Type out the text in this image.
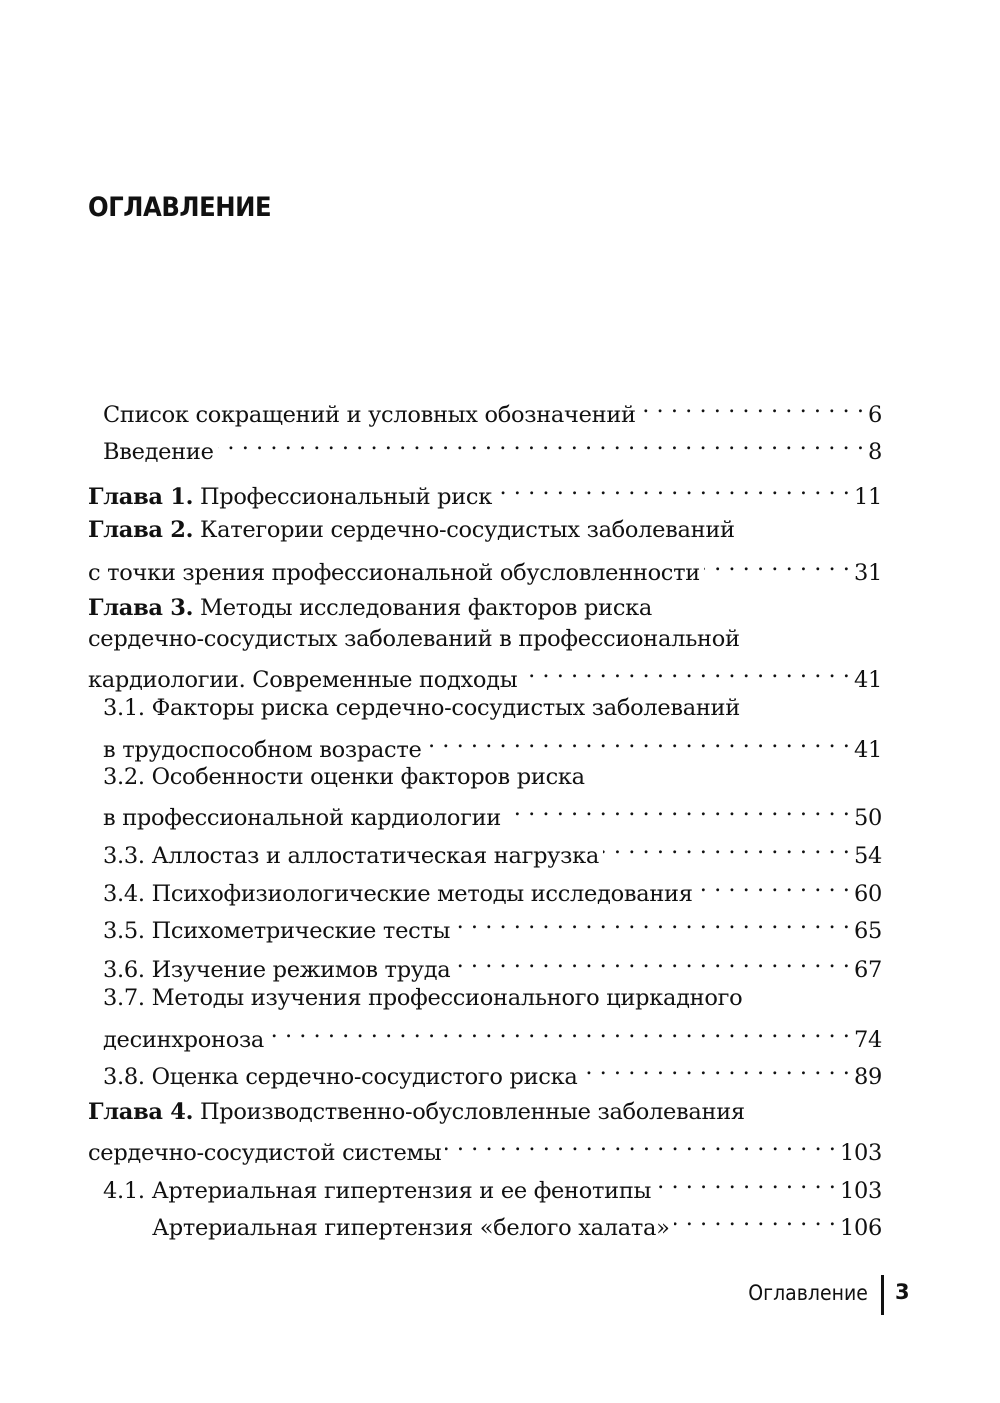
ОГЛАВЛЕНИЕ
Список сокращений и условных обозначений . . .	6
Введение . . .	8
Глава 1. Профессиональный риск . . .	11
Глава 2. Категории сердечно-сосудистых заболеваний
с точки зрения профессиональной обусловленности . . .	31
Глава 3. Методы исследования факторов риска
сердечно-сосудистых заболеваний в профессиональной
кардиологии. Современные подходы . . .	41
3.1. Факторы риска сердечно-сосудистых заболеваний
в трудоспособном возрасте . . .	41
3.2. Особенности оценки факторов риска
в профессиональной кардиологии . . .	50
3.3. Аллостаз и аллостатическая нагрузка . . .	54
3.4. Психофизиологические методы исследования . . .	60
3.5. Психометрические тесты . . .	65
3.6. Изучение режимов труда . . .	67
3.7. Методы изучения профессионального циркадного
десинхроноза . . .	74
3.8. Оценка сердечно-сосудистого риска . . .	89
Глава 4. Производственно-обусловленные заболевания
сердечно-сосудистой системы . . .	103
4.1. Артериальная гипертензия и ее фенотипы . . .	103
Артериальная гипертензия «белого халата» . . .	106
Оглавление 3
